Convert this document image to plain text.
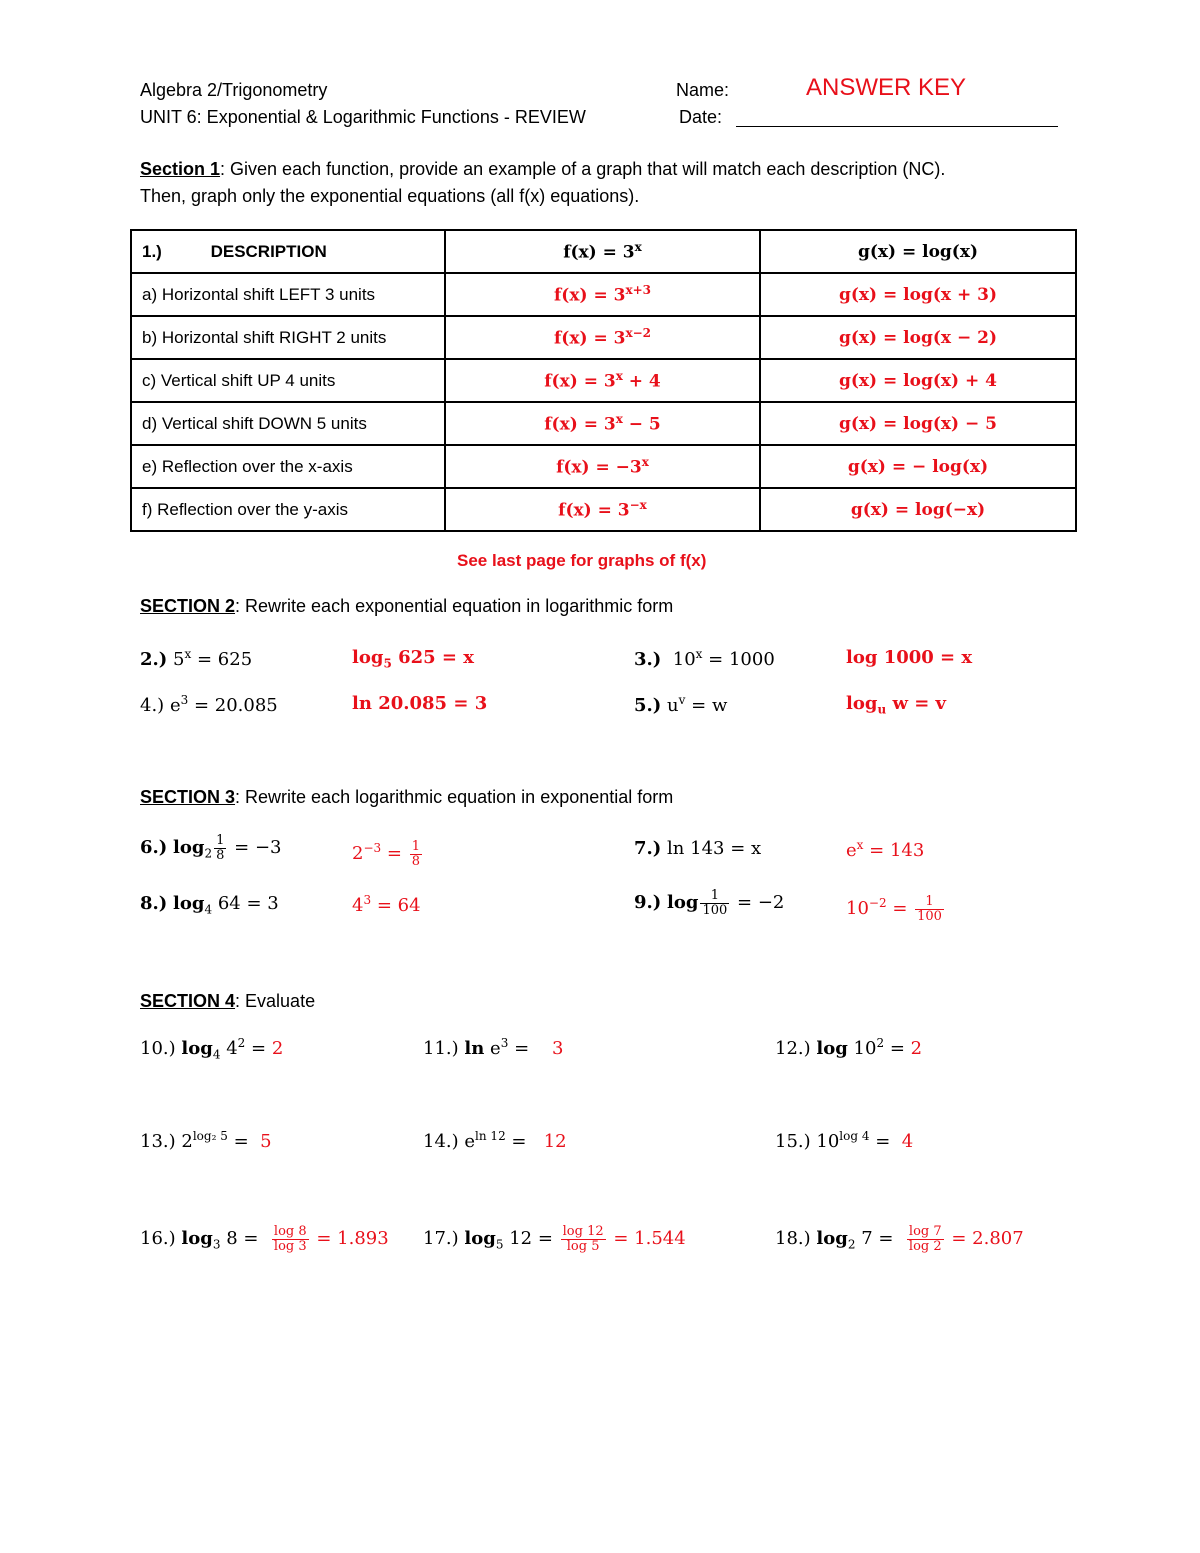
Algebra 2/Trigonometry
UNIT 6: Exponential & Logarithmic Functions - REVIEW
Name:	ANSWER KEY
Date:
Section 1: Given each function, provide an example of a graph that will match each description (NC).
Then, graph only the exponential equations (all f(x) equations).
1.) DESCRIPTION	$f(x) = 3^x$	g(x) = log(x)
a) Horizontal shift LEFT 3 units	$f(x) = 3^{x+3}$	g(x) = log(x + 3)
b) Horizontal shift RIGHT 2 units	$f(x) = 3^{x-2}$	g(x) = log(x − 2)
c) Vertical shift UP 4 units	$f(x) = 3^x + 4$	g(x) = log(x) + 4
d) Vertical shift DOWN 5 units	$f(x) = 3^x - 5$	g(x) = log(x) − 5
e) Reflection over the x-axis	$f(x) = -3^x$	g(x) = − log(x)
f) Reflection over the y-axis	$f(x) = 3^{-x}$	g(x) = log(−x)
See last page for graphs of f(x)
SECTION 2: Rewrite each exponential equation in logarithmic form
2.) $5^x = 625$	$\log_5 625 = x$	3.) $10^x = 1000$	log 1000 = x
4.) $e^3 = 20.085$	ln 20.085 = 3	5.) $u^v = w$	$\log_u w = v$
SECTION 3: Rewrite each logarithmic equation in exponential form
6.) $\log_2 \frac{1}{8} = -3$	$2^{-3} = \frac{1}{8}$	7.) ln 143 = x	$e^x = 143$
8.) $\log_4 64 = 3$	$4^3 = 64$	9.) $\log \frac{1}{100} = -2$	$10^{-2} = \frac{1}{100}$
SECTION 4: Evaluate
10.) $\log_4 4^2 = 2$	11.) $\ln e^3$ =    3	12.) $\log 10^2 = 2$
13.) $2^{log_2 5} = 5$	14.) $e^{ln 12} = 12$	15.) $10^{log 4} = 4$
16.) $\log_3 8 = \frac{\log 8}{\log 3} = 1.893$ 17.) $\log_5 12 = \frac{\log 12}{\log 5} = 1.544$	18.) $\log_2 7 = \frac{\log 7}{\log 2} = 2.807$
